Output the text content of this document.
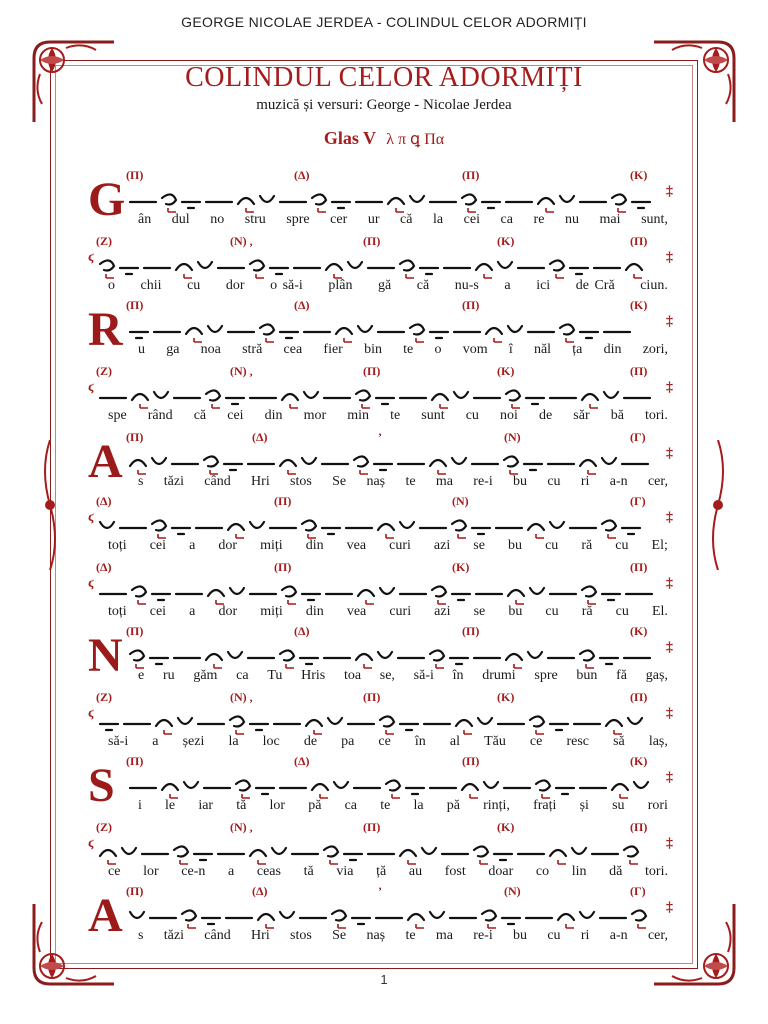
GEORGE NICOLAE JERDEA - COLINDUL CELOR ADORMIȚI
COLINDUL CELOR ADORMIȚI
muzică și versuri: George - Nicolae Jerdea
Glas V λ π ꝗ Πα
G (Π)	(Δ)	(Π)	(Κ)
‡
ân dul no stru spre cer ur că la cei ca re nu mai sunt,
ϛ
(Ζ)	(Ν) ,	(Π)	(Κ)	(Π)
‡
o chii cu dor o să-i plân gă că nu-s a ici de Cră ciun.
R (Π)	(Δ)	(Π)	(Κ)
‡
u ga noa stră cea fier bin te o vom î năl ța din zori,
ϛ
(Ζ)	(Ν) ,	(Π)	(Κ)	(Π)
‡
spe rând că cei din mor min te sunt cu noi de săr bă tori.
A (Π)	(Δ)	’	(Ν)	(Γ)
‡
s tăzi când Hri stos Se naș te ma re-i bu cu ri a-n cer,
ϛ
(Δ)	(Π)	(Ν)	(Γ)
‡
toți cei a dor miți din vea curi azi se bu cu ră cu El;
ϛ
(Δ)	(Π)	(Κ)	(Π)
‡
toți cei a dor miți din vea curi azi se bu cu ră cu El.
N (Π)	(Δ)	(Π)	(Κ)
‡
e ru găm ca Tu Hris toa se, să-i în drumi spre bun fă gaș,
ϛ
(Ζ)	(Ν) ,	(Π)	(Κ)	(Π)
‡
să-i a șezi la loc de pa ce în al Tău ce resc să laș,
S (Π)	(Δ)	(Π)	(Κ)
‡
i le iar tă lor pă ca te la pă rinți, frați și su rori
ϛ
(Ζ)	(Ν) ,	(Π)	(Κ)	(Π)
‡
ce lor ce-n a ceas tă via ță au fost doar co lin dă tori.
A (Π)	(Δ)	’	(Ν)	(Γ)
‡
s tăzi când Hri stos Se naș te ma re-i bu cu ri a-n cer,
1
